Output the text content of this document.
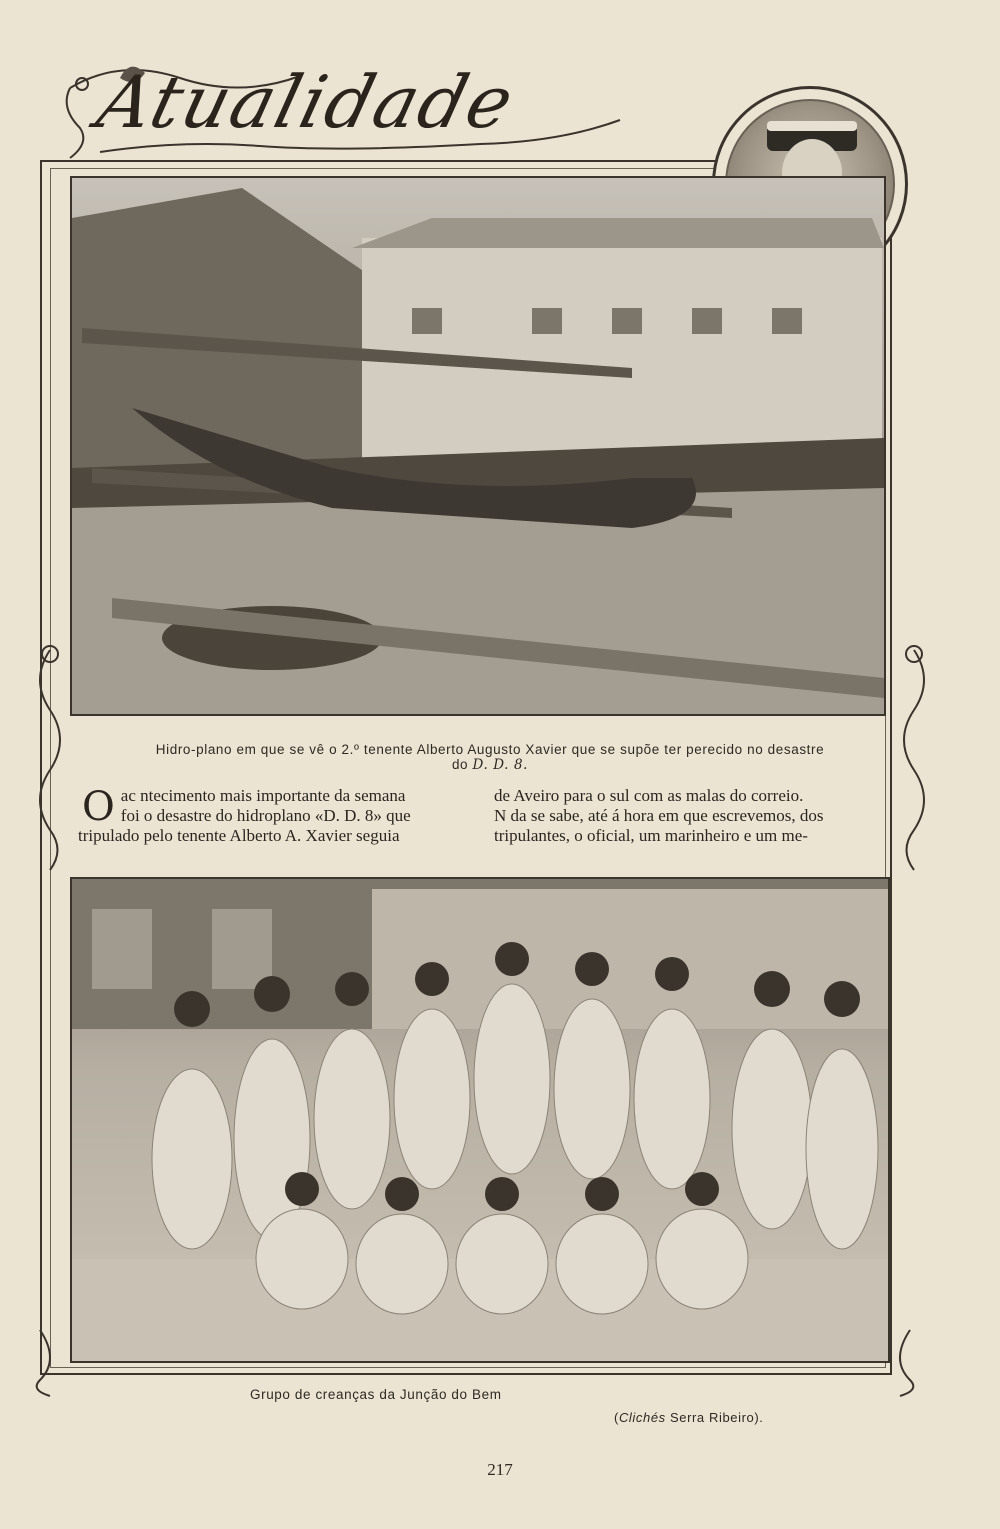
Atualidade
Hidro-plano em que se vê o 2.º tenente Alberto Augusto Xavier que se supõe ter perecido no desastre
do D. D. 8.
O ac ntecimento mais importante da semana

foi o desastre do hidroplano «D. D. 8» que

tripulado pelo tenente Alberto A. Xavier seguia

de Aveiro para o sul com as malas do correio.

N da se sabe, até á hora em que escrevemos, dos

tripulantes, o oficial, um marinheiro e um me-

Grupo de creanças da Junção do Bem
(Clichés Serra Ribeiro).
217
